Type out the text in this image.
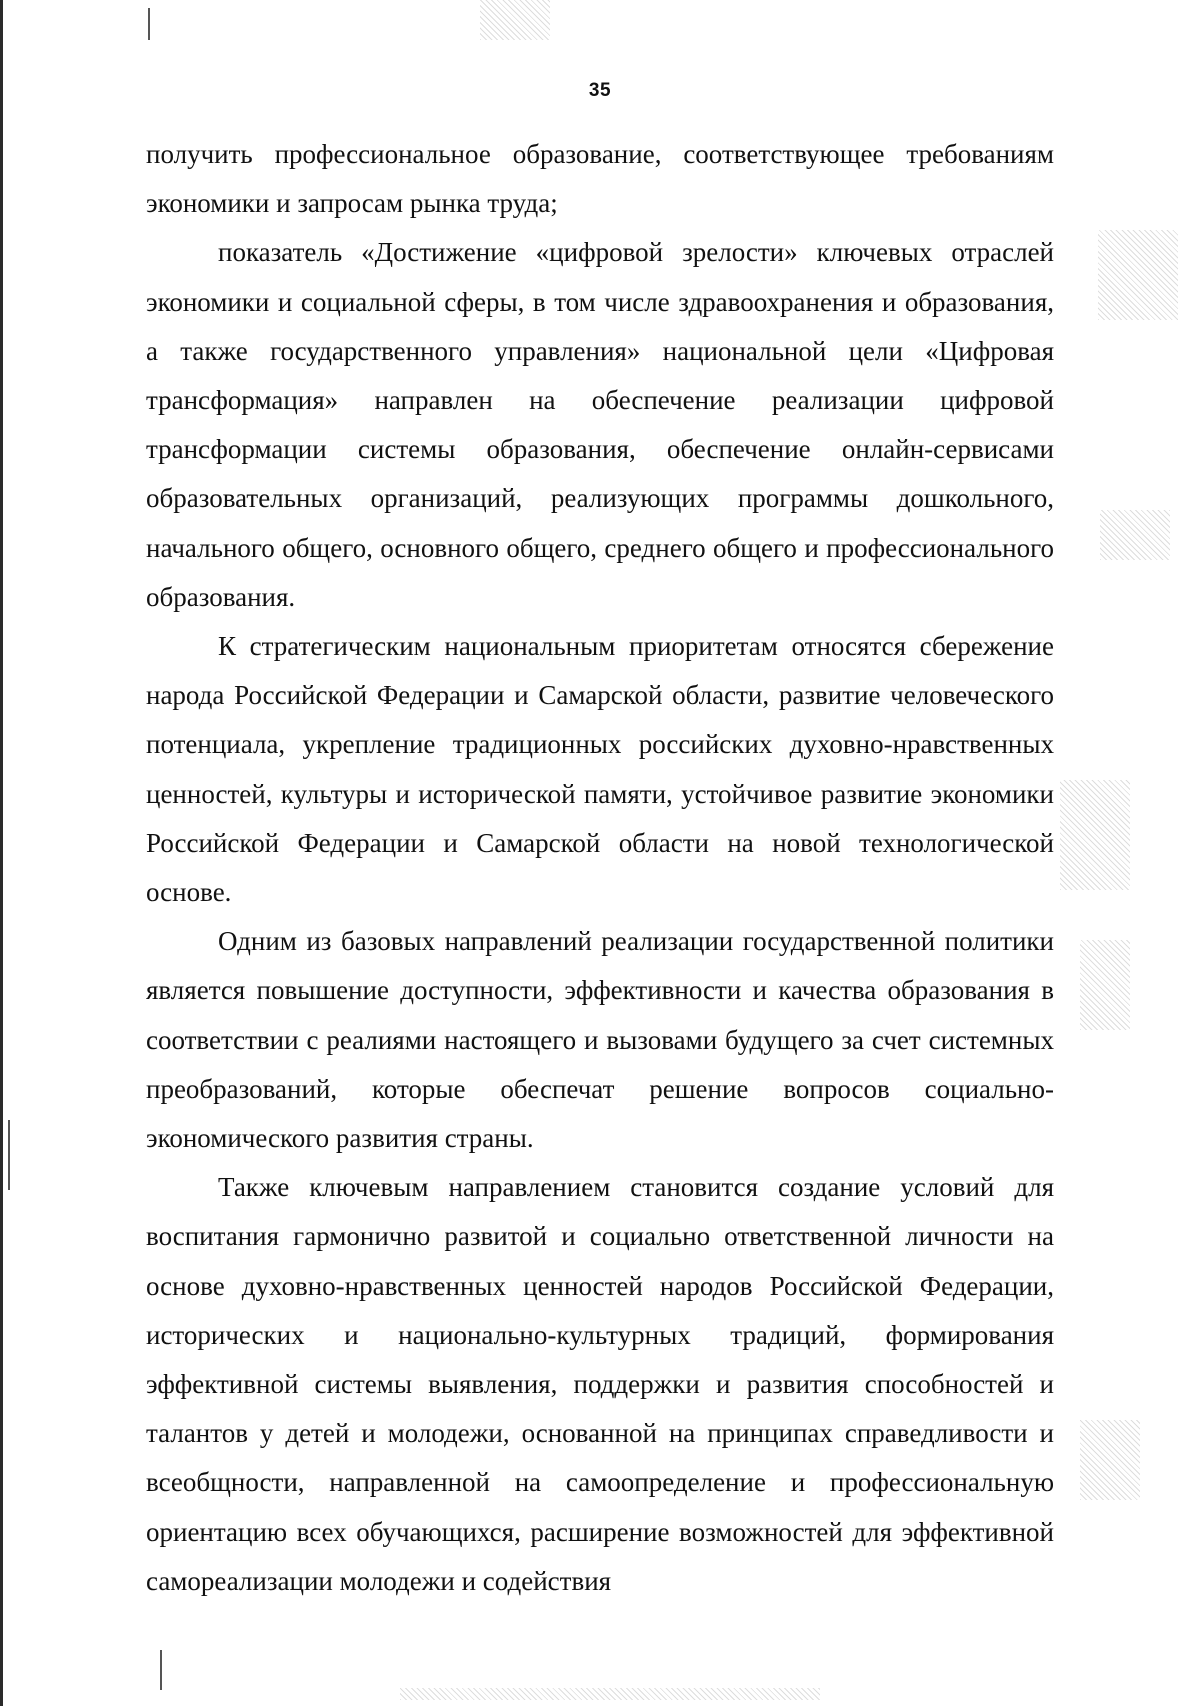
35

получить профессиональное образование, соответствующее требованиям экономики и запросам рынка труда;

показатель «Достижение «цифровой зрелости» ключевых отраслей экономики и социальной сферы, в том числе здравоохранения и образования, а также государственного управления» национальной цели «Цифровая трансформация» направлен на обеспечение реализации цифровой трансформации системы образования, обеспечение онлайн-сервисами образовательных организаций, реализующих программы дошкольного, начального общего, основного общего, среднего общего и профессионального образования.

К стратегическим национальным приоритетам относятся сбережение народа Российской Федерации и Самарской области, развитие человеческого потенциала, укрепление традиционных российских духовно-нравственных ценностей, культуры и исторической памяти, устойчивое развитие экономики Российской Федерации и Самарской области на новой технологической основе.

Одним из базовых направлений реализации государственной политики является повышение доступности, эффективности и качества образования в соответствии с реалиями настоящего и вызовами будущего за счет системных преобразований, которые обеспечат решение вопросов социально-экономического развития страны.

Также ключевым направлением становится создание условий для воспитания гармонично развитой и социально ответственной личности на основе духовно-нравственных ценностей народов Российской Федерации, исторических и национально-культурных традиций, формирования эффективной системы выявления, поддержки и развития способностей и талантов у детей и молодежи, основанной на принципах справедливости и всеобщности, направленной на самоопределение и профессиональную ориентацию всех обучающихся, расширение возможностей для эффективной самореализации молодежи и содействия
